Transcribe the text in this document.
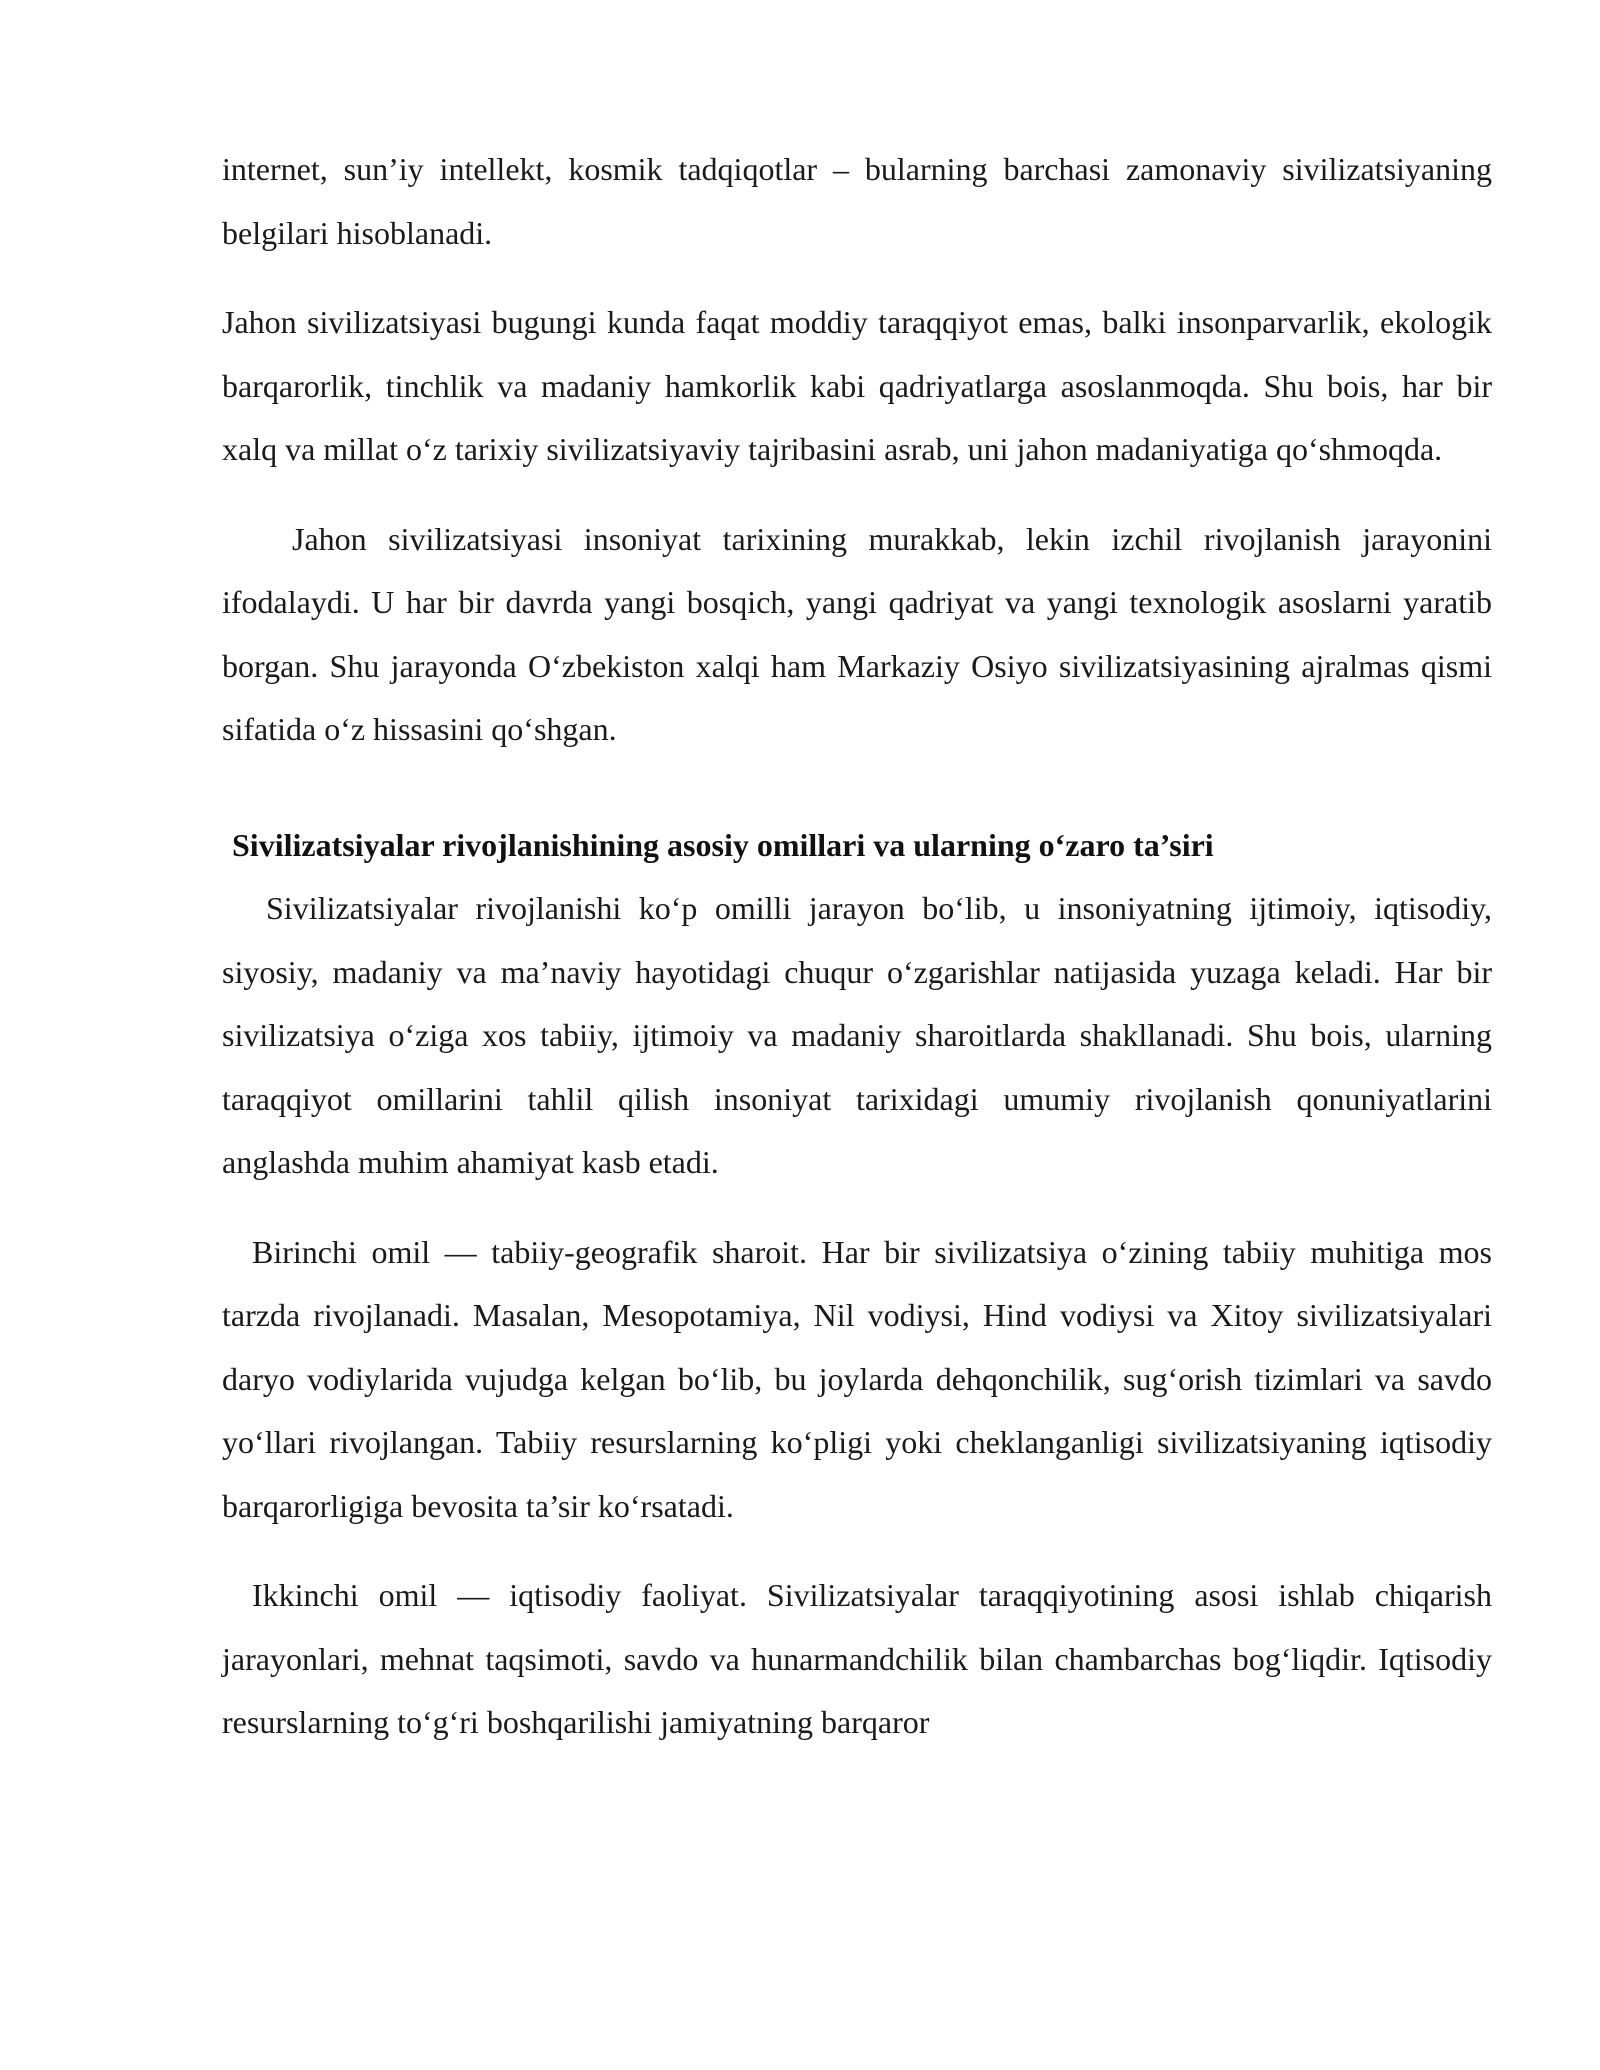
internet, sun’iy intellekt, kosmik tadqiqotlar – bularning barchasi zamonaviy sivilizatsiyaning belgilari hisoblanadi.

Jahon sivilizatsiyasi bugungi kunda faqat moddiy taraqqiyot emas, balki insonparvarlik, ekologik barqarorlik, tinchlik va madaniy hamkorlik kabi qadriyatlarga asoslanmoqda. Shu bois, har bir xalq va millat o‘z tarixiy sivilizatsiyaviy tajribasini asrab, uni jahon madaniyatiga qo‘shmoqda.

Jahon sivilizatsiyasi insoniyat tarixining murakkab, lekin izchil rivojlanish jarayonini ifodalaydi. U har bir davrda yangi bosqich, yangi qadriyat va yangi texnologik asoslarni yaratib borgan. Shu jarayonda O‘zbekiston xalqi ham Markaziy Osiyo sivilizatsiyasining ajralmas qismi sifatida o‘z hissasini qo‘shgan.

Sivilizatsiyalar rivojlanishining asosiy omillari va ularning o‘zaro ta’siri

Sivilizatsiyalar rivojlanishi ko‘p omilli jarayon bo‘lib, u insoniyatning ijtimoiy, iqtisodiy, siyosiy, madaniy va ma’naviy hayotidagi chuqur o‘zgarishlar natijasida yuzaga keladi. Har bir sivilizatsiya o‘ziga xos tabiiy, ijtimoiy va madaniy sharoitlarda shakllanadi. Shu bois, ularning taraqqiyot omillarini tahlil qilish insoniyat tarixidagi umumiy rivojlanish qonuniyatlarini anglashda muhim ahamiyat kasb etadi.

Birinchi omil — tabiiy-geografik sharoit. Har bir sivilizatsiya o‘zining tabiiy muhitiga mos tarzda rivojlanadi. Masalan, Mesopotamiya, Nil vodiysi, Hind vodiysi va Xitoy sivilizatsiyalari daryo vodiylarida vujudga kelgan bo‘lib, bu joylarda dehqonchilik, sug‘orish tizimlari va savdo yo‘llari rivojlangan. Tabiiy resurslarning ko‘pligi yoki cheklanganligi sivilizatsiyaning iqtisodiy barqarorligiga bevosita ta’sir ko‘rsatadi.

Ikkinchi omil — iqtisodiy faoliyat. Sivilizatsiyalar taraqqiyotining asosi ishlab chiqarish jarayonlari, mehnat taqsimoti, savdo va hunarmandchilik bilan chambarchas bog‘liqdir. Iqtisodiy resurslarning to‘g‘ri boshqarilishi jamiyatning barqaror
